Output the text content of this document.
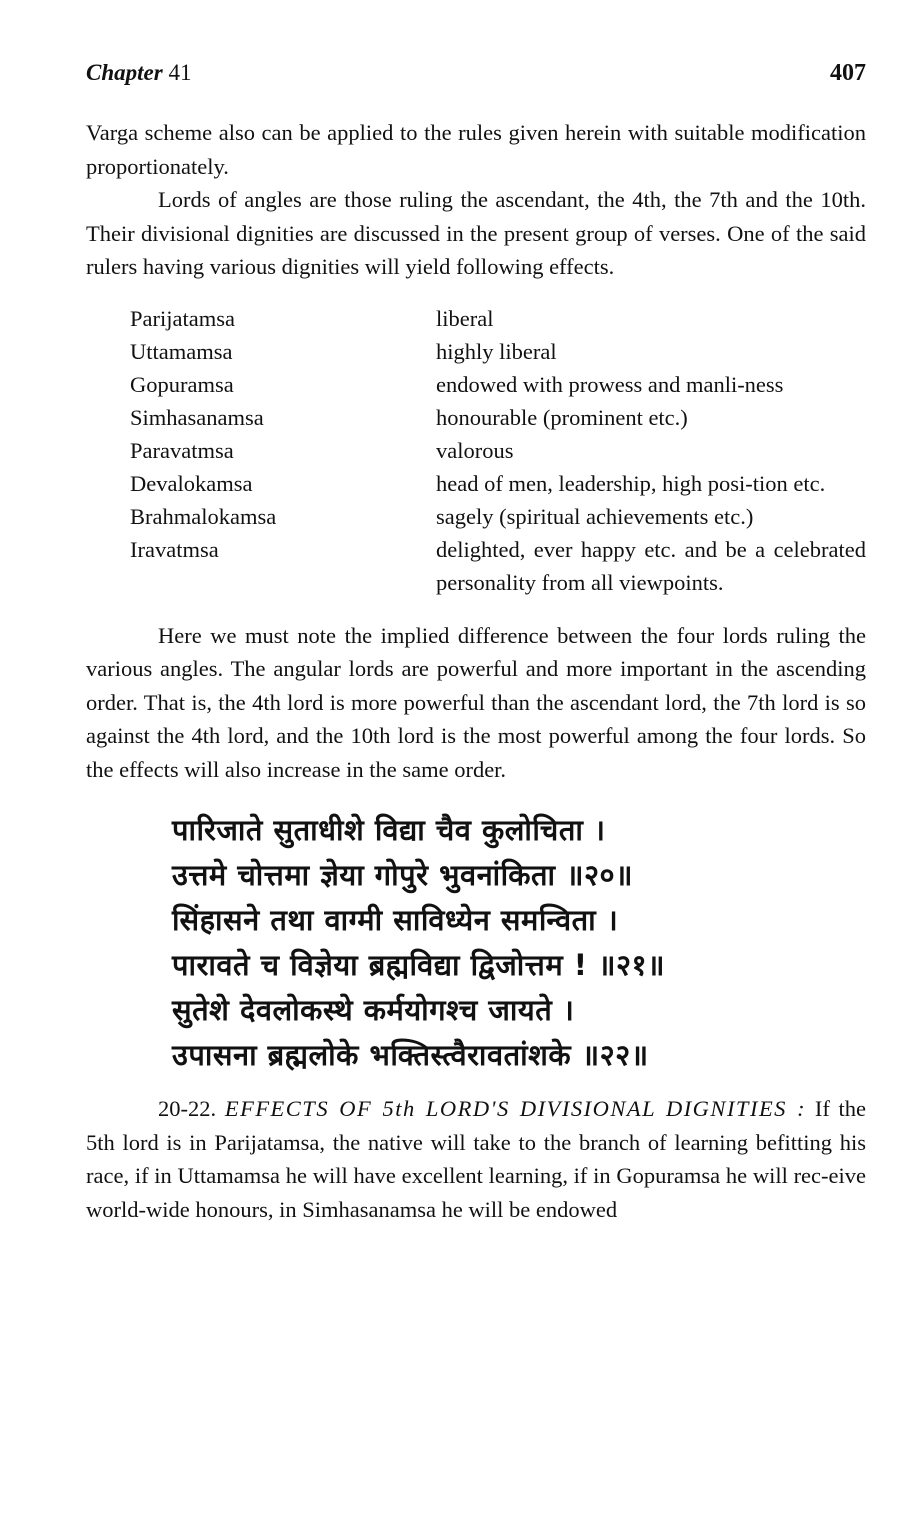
Chapter 41	407

Varga scheme also can be applied to the rules given herein with suitable modification proportionately.

Lords of angles are those ruling the ascendant, the 4th, the 7th and the 10th. Their divisional dignities are discussed in the present group of verses. One of the said rulers having various dignities will yield following effects.

Parijatamsa	liberal
Uttamamsa	highly liberal
Gopuramsa	endowed with prowess and manli-ness
Simhasanamsa	honourable (prominent etc.)
Paravatmsa	valorous
Devalokamsa	head of men, leadership, high posi-tion etc.
Brahmalokamsa	sagely (spiritual achievements etc.)
Iravatmsa	delighted, ever happy etc. and be a celebrated personality from all viewpoints.

Here we must note the implied difference between the four lords ruling the various angles. The angular lords are powerful and more important in the ascending order. That is, the 4th lord is more powerful than the ascendant lord, the 7th lord is so against the 4th lord, and the 10th lord is the most powerful among the four lords. So the effects will also increase in the same order.

पारिजाते सुताधीशे विद्या चैव कुलोचिता ।
उत्तमे चोत्तमा ज्ञेया गोपुरे भुवनांकिता ॥२०॥
सिंहासने तथा वाग्मी साविध्येन समन्विता ।
पारावते च विज्ञेया ब्रह्मविद्या द्विजोत्तम ! ॥२१॥
सुतेशे देवलोकस्थे कर्मयोगश्च जायते ।
उपासना ब्रह्मलोके भक्तिस्त्वैरावतांशके ॥२२॥

20-22. EFFECTS OF 5th LORD'S DIVISIONAL DIGNITIES : If the 5th lord is in Parijatamsa, the native will take to the branch of learning befitting his race, if in Uttamamsa he will have excellent learning, if in Gopuramsa he will rec-eive world-wide honours, in Simhasanamsa he will be endowed
